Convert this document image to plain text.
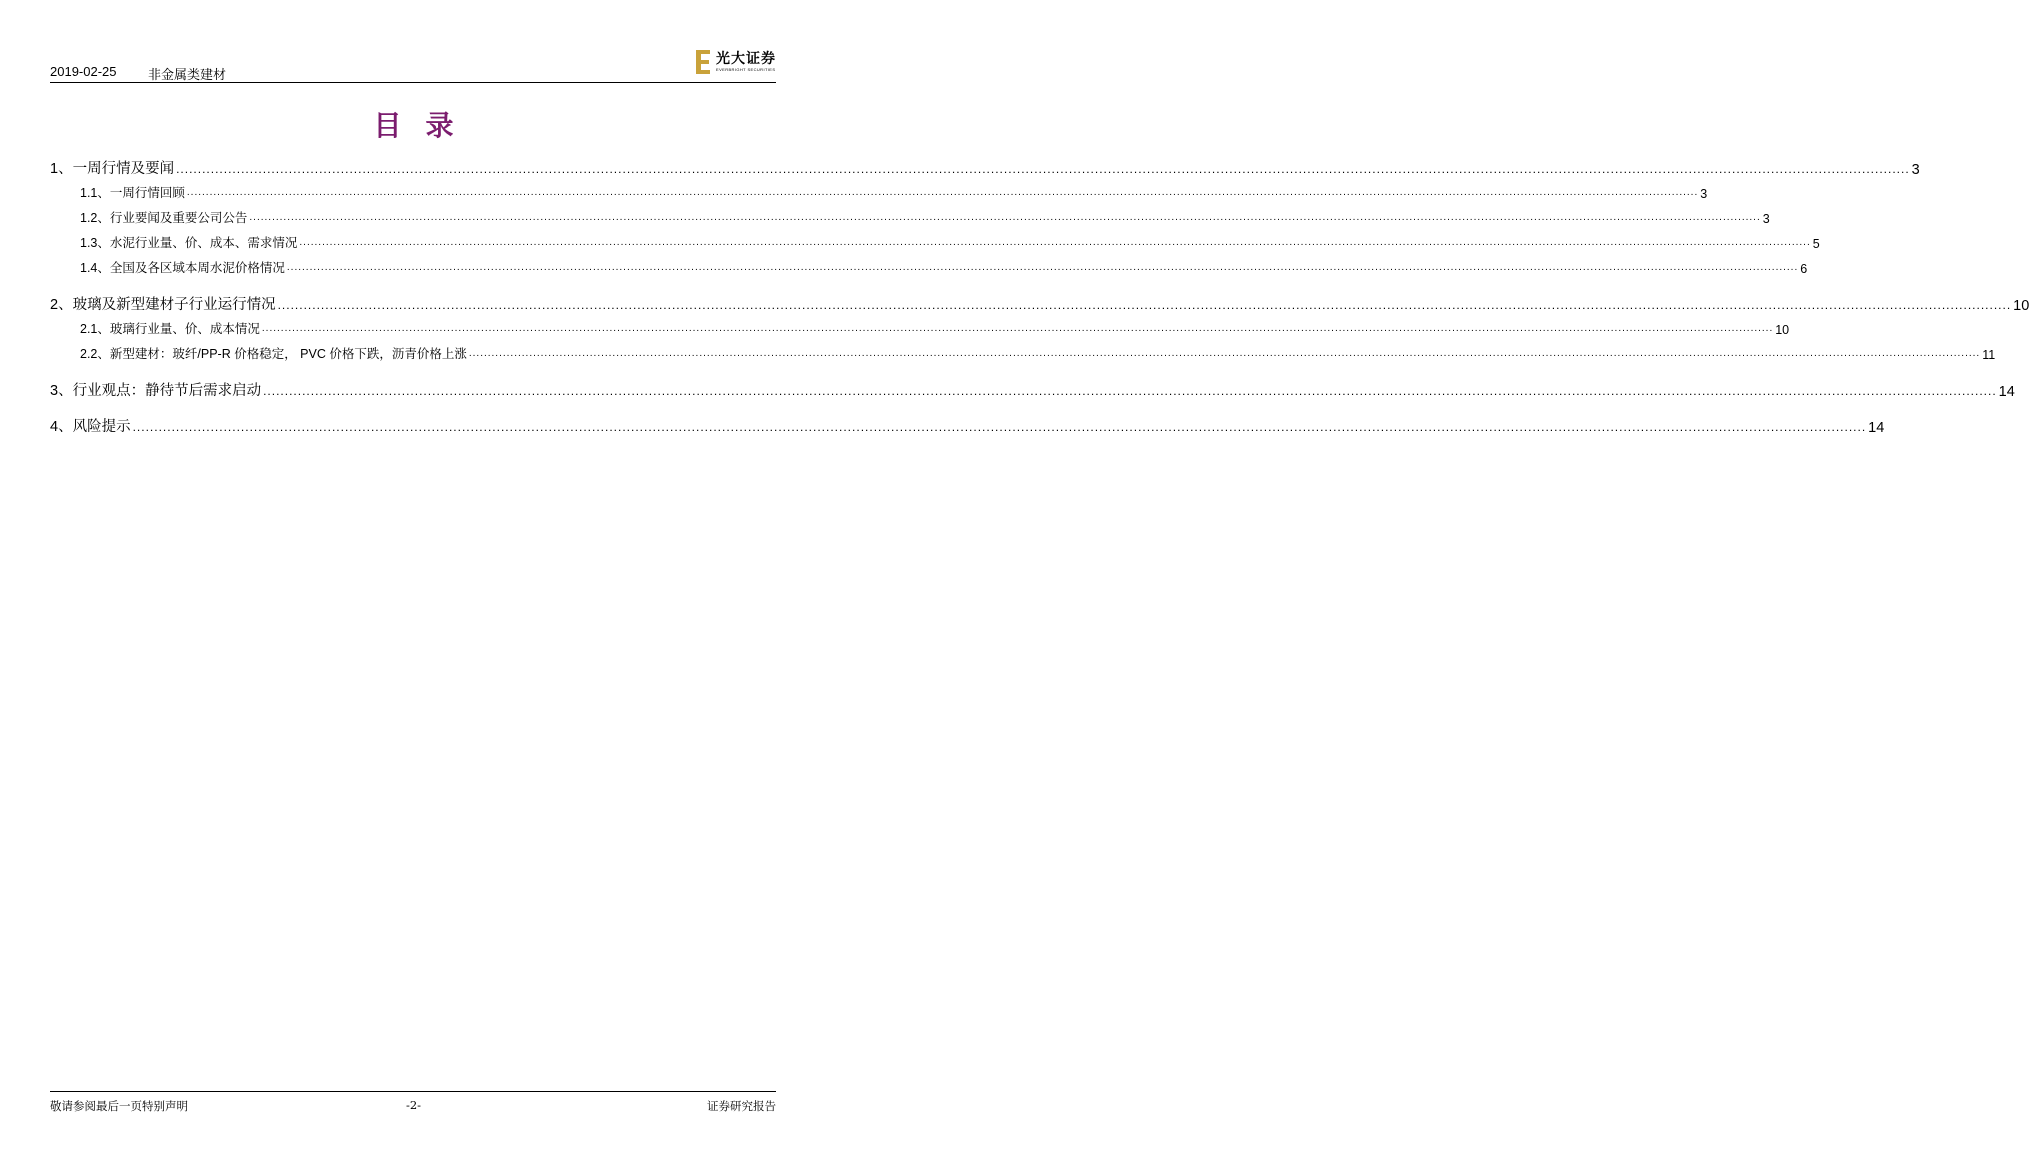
2019-02-25 非金属类建材
光大证券
EVERBRIGHT SECURITIES
目录
1、 一周行情及要闻 ................................................................................................................................................................................................................................................................................................................................................................................................................ 3
1.1、 一周行情回顾 ................................................................................................................................................................................................................................................................................................................................................................................................................ 3
1.2、 行业要闻及重要公司公告 ................................................................................................................................................................................................................................................................................................................................................................................................................ 3
1.3、 水泥行业量、价、成本、需求情况 ................................................................................................................................................................................................................................................................................................................................................................................................................ 5
1.4、 全国及各区域本周水泥价格情况 ................................................................................................................................................................................................................................................................................................................................................................................................................ 6
2、 玻璃及新型建材子行业运行情况 ................................................................................................................................................................................................................................................................................................................................................................................................................ 10
2.1、 玻璃行业量、价、成本情况 ................................................................................................................................................................................................................................................................................................................................................................................................................ 10
2.2、 新型建材：玻纤/PP-R 价格稳定， PVC 价格下跌，沥青价格上涨 ................................................................................................................................................................................................................................................................................................................................................................................................................ 11
3、 行业观点：静待节后需求启动 ................................................................................................................................................................................................................................................................................................................................................................................................................ 14
4、 风险提示 ................................................................................................................................................................................................................................................................................................................................................................................................................ 14
敬请参阅最后一页特别声明	-2-	证券研究报告
